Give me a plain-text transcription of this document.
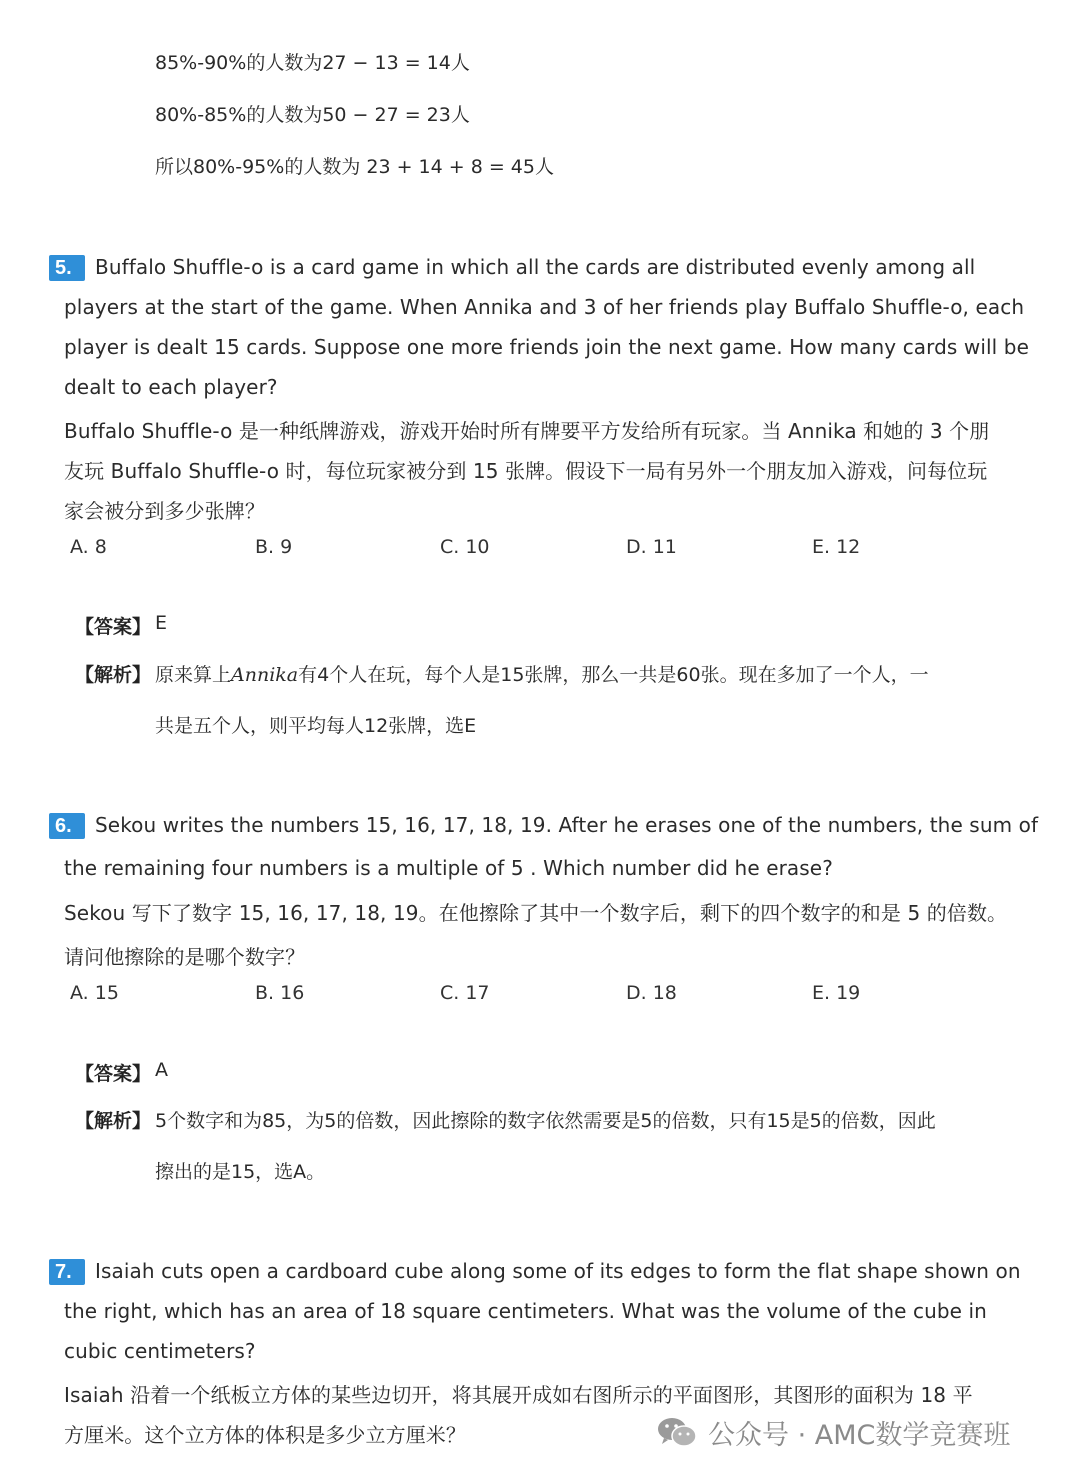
85%-90%的人数为27 − 13 = 14人
80%-85%的人数为50 − 27 = 23人
所以80%-95%的人数为 23 + 14 + 8 = 45人
5.	Buffalo Shuffle-o is a card game in which all the cards are distributed evenly among all
players at the start of the game. When Annika and 3 of her friends play Buffalo Shuffle-o, each
player is dealt 15 cards. Suppose one more friends join the next game. How many cards will be
dealt to each player?
Buffalo Shuffle-o 是一种纸牌游戏，游戏开始时所有牌要平方发给所有玩家。当 Annika 和她的 3 个朋
友玩 Buffalo Shuffle-o 时，每位玩家被分到 15 张牌。假设下一局有另外一个朋友加入游戏，问每位玩
家会被分到多少张牌？
A. 8	B. 9	C. 10	D. 11	E. 12
【答案】 E
【解析】 原来算上Annika有4个人在玩，每个人是15张牌，那么一共是60张。现在多加了一个人，一
共是五个人，则平均每人12张牌，选E
6.	Sekou writes the numbers 15, 16, 17, 18, 19. After he erases one of the numbers, the sum of
the remaining four numbers is a multiple of 5 . Which number did he erase?
Sekou 写下了数字 15, 16, 17, 18, 19。在他擦除了其中一个数字后，剩下的四个数字的和是 5 的倍数。
请问他擦除的是哪个数字？
A. 15	B. 16	C. 17	D. 18	E. 19
【答案】 A
【解析】 5个数字和为85，为5的倍数，因此擦除的数字依然需要是5的倍数，只有15是5的倍数，因此
擦出的是15，选A。
7.	Isaiah cuts open a cardboard cube along some of its edges to form the flat shape shown on
the right, which has an area of 18 square centimeters. What was the volume of the cube in
cubic centimeters?
Isaiah 沿着一个纸板立方体的某些边切开，将其展开成如右图所示的平面图形，其图形的面积为 18 平
方厘米。这个立方体的体积是多少立方厘米？	公众号 · AMC数学竞赛班
